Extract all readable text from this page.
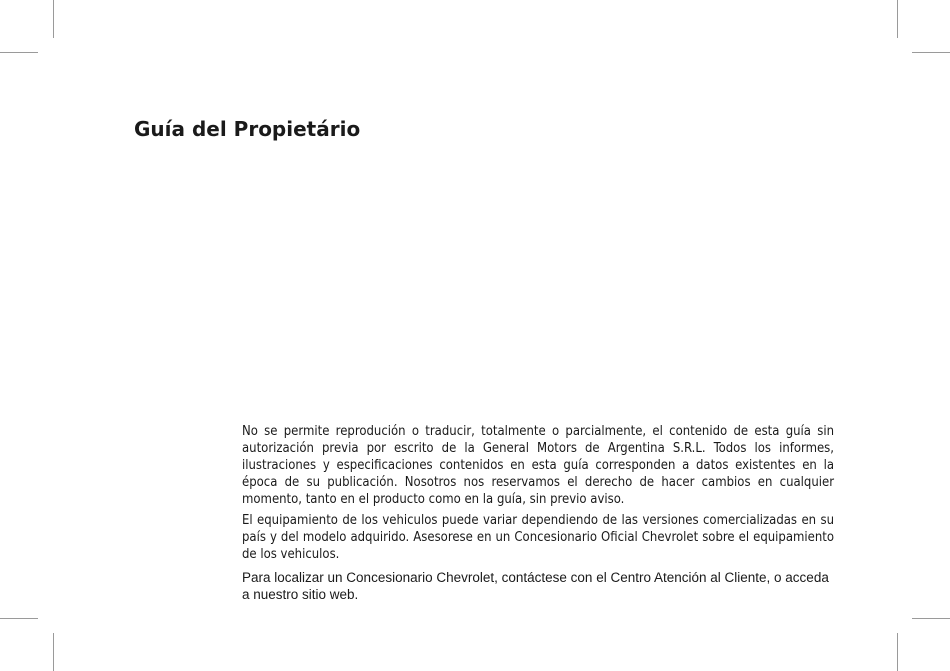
Guía del Propietário

No se permite reprodución o traducir, totalmente o parcialmente, el contenido de esta guía sin autorización previa por escrito de la General Motors de Argentina S.R.L. Todos los informes, ilustraciones y especificaciones contenidos en esta guía corresponden a datos existentes en la época de su publicación. Nosotros nos reservamos el derecho de hacer cambios en cualquier momento, tanto en el producto como en la guía, sin previo aviso.

El equipamiento de los vehiculos puede variar dependiendo de las versiones comercializadas en su país y del modelo adquirido. Asesorese en un Concesionario Oficial Chevrolet sobre el equipamiento de los vehiculos.

Para localizar un Concesionario Chevrolet, contáctese con el Centro Atención al Cliente, o acceda a nuestro sitio web.
